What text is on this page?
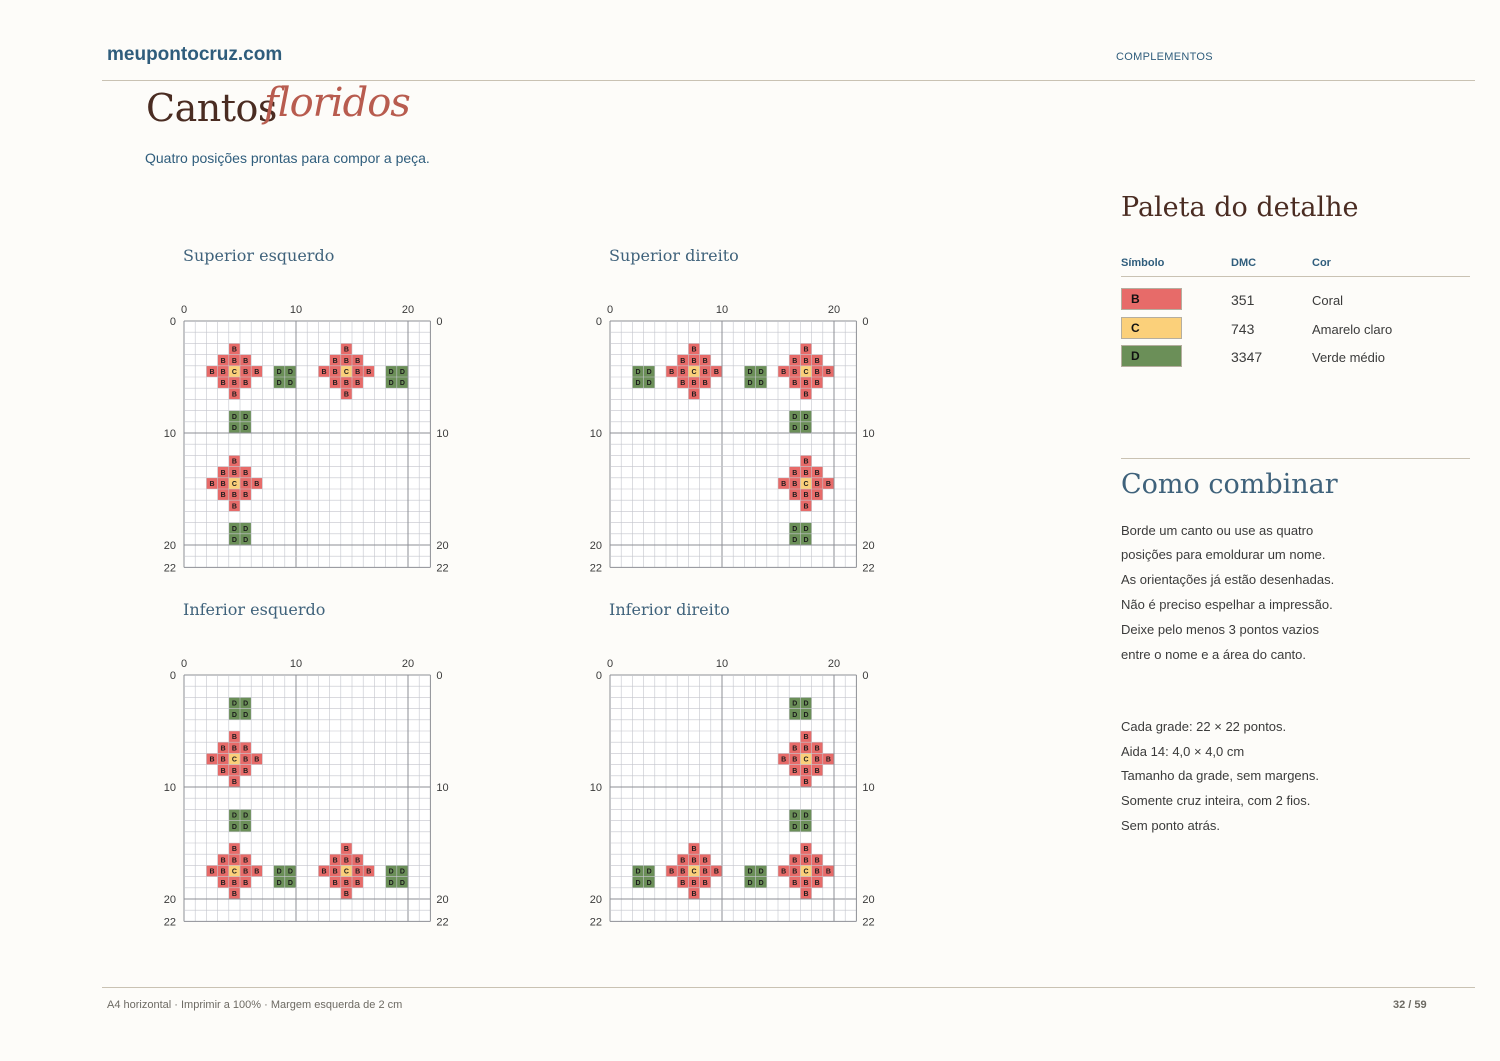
meupontocruz.com	COMPLEMENTOS
Cantos
floridos
Quatro posições prontas para compor a peça.
Superior esquerdo	Superior direito
Inferior esquerdo	Inferior direito
B	B
B B B	B B B
B B C B B D D	B B C B B D D
B B B	D D	B B B	D D
B	B
D D
D D
B
B B B
B B C B B
B B B
B
D D
D D
0	10	20
0	0
10	10
20	20
22	22
B	B
B B B	B B B
D D B B C B B	D D B B C B B
D D	B B B	D D	B B B
B	B
D D
D D
B
B B B
B B C B B
B B B
B
D D
D D
0	10	20
0	0
10	10
20	20
22	22
D D
D D
B
B B B
B B C B B
B B B
B
D D
D D
B	B
B B B	B B B
B B C B B D D	B B C B B D D
B B B	D D	B B B	D D
B	B
0	10	20
0	0
10	10
20	20
22	22
D D
D D
B
B B B
B B C B B
B B B
B
D D
D D
B	B
B B B	B B B
D D B B C B B	D D B B C B B
D D	B B B	D D	B B B
B	B
0	10	20
0	0
10	10
20	20
22	22
Paleta do detalhe
Símbolo	DMC	Cor
B	351	Coral
C	743	Amarelo claro
D	3347	Verde médio
Como combinar
Borde um canto ou use as quatro
posições para emoldurar um nome.
As orientações já estão desenhadas.
Não é preciso espelhar a impressão.
Deixe pelo menos 3 pontos vazios
entre o nome e a área do canto.
Cada grade: 22 × 22 pontos.
Aida 14: 4,0 × 4,0 cm
Tamanho da grade, sem margens.
Somente cruz inteira, com 2 fios.
Sem ponto atrás.
A4 horizontal · Imprimir a 100% · Margem esquerda de 2 cm	32 / 59
